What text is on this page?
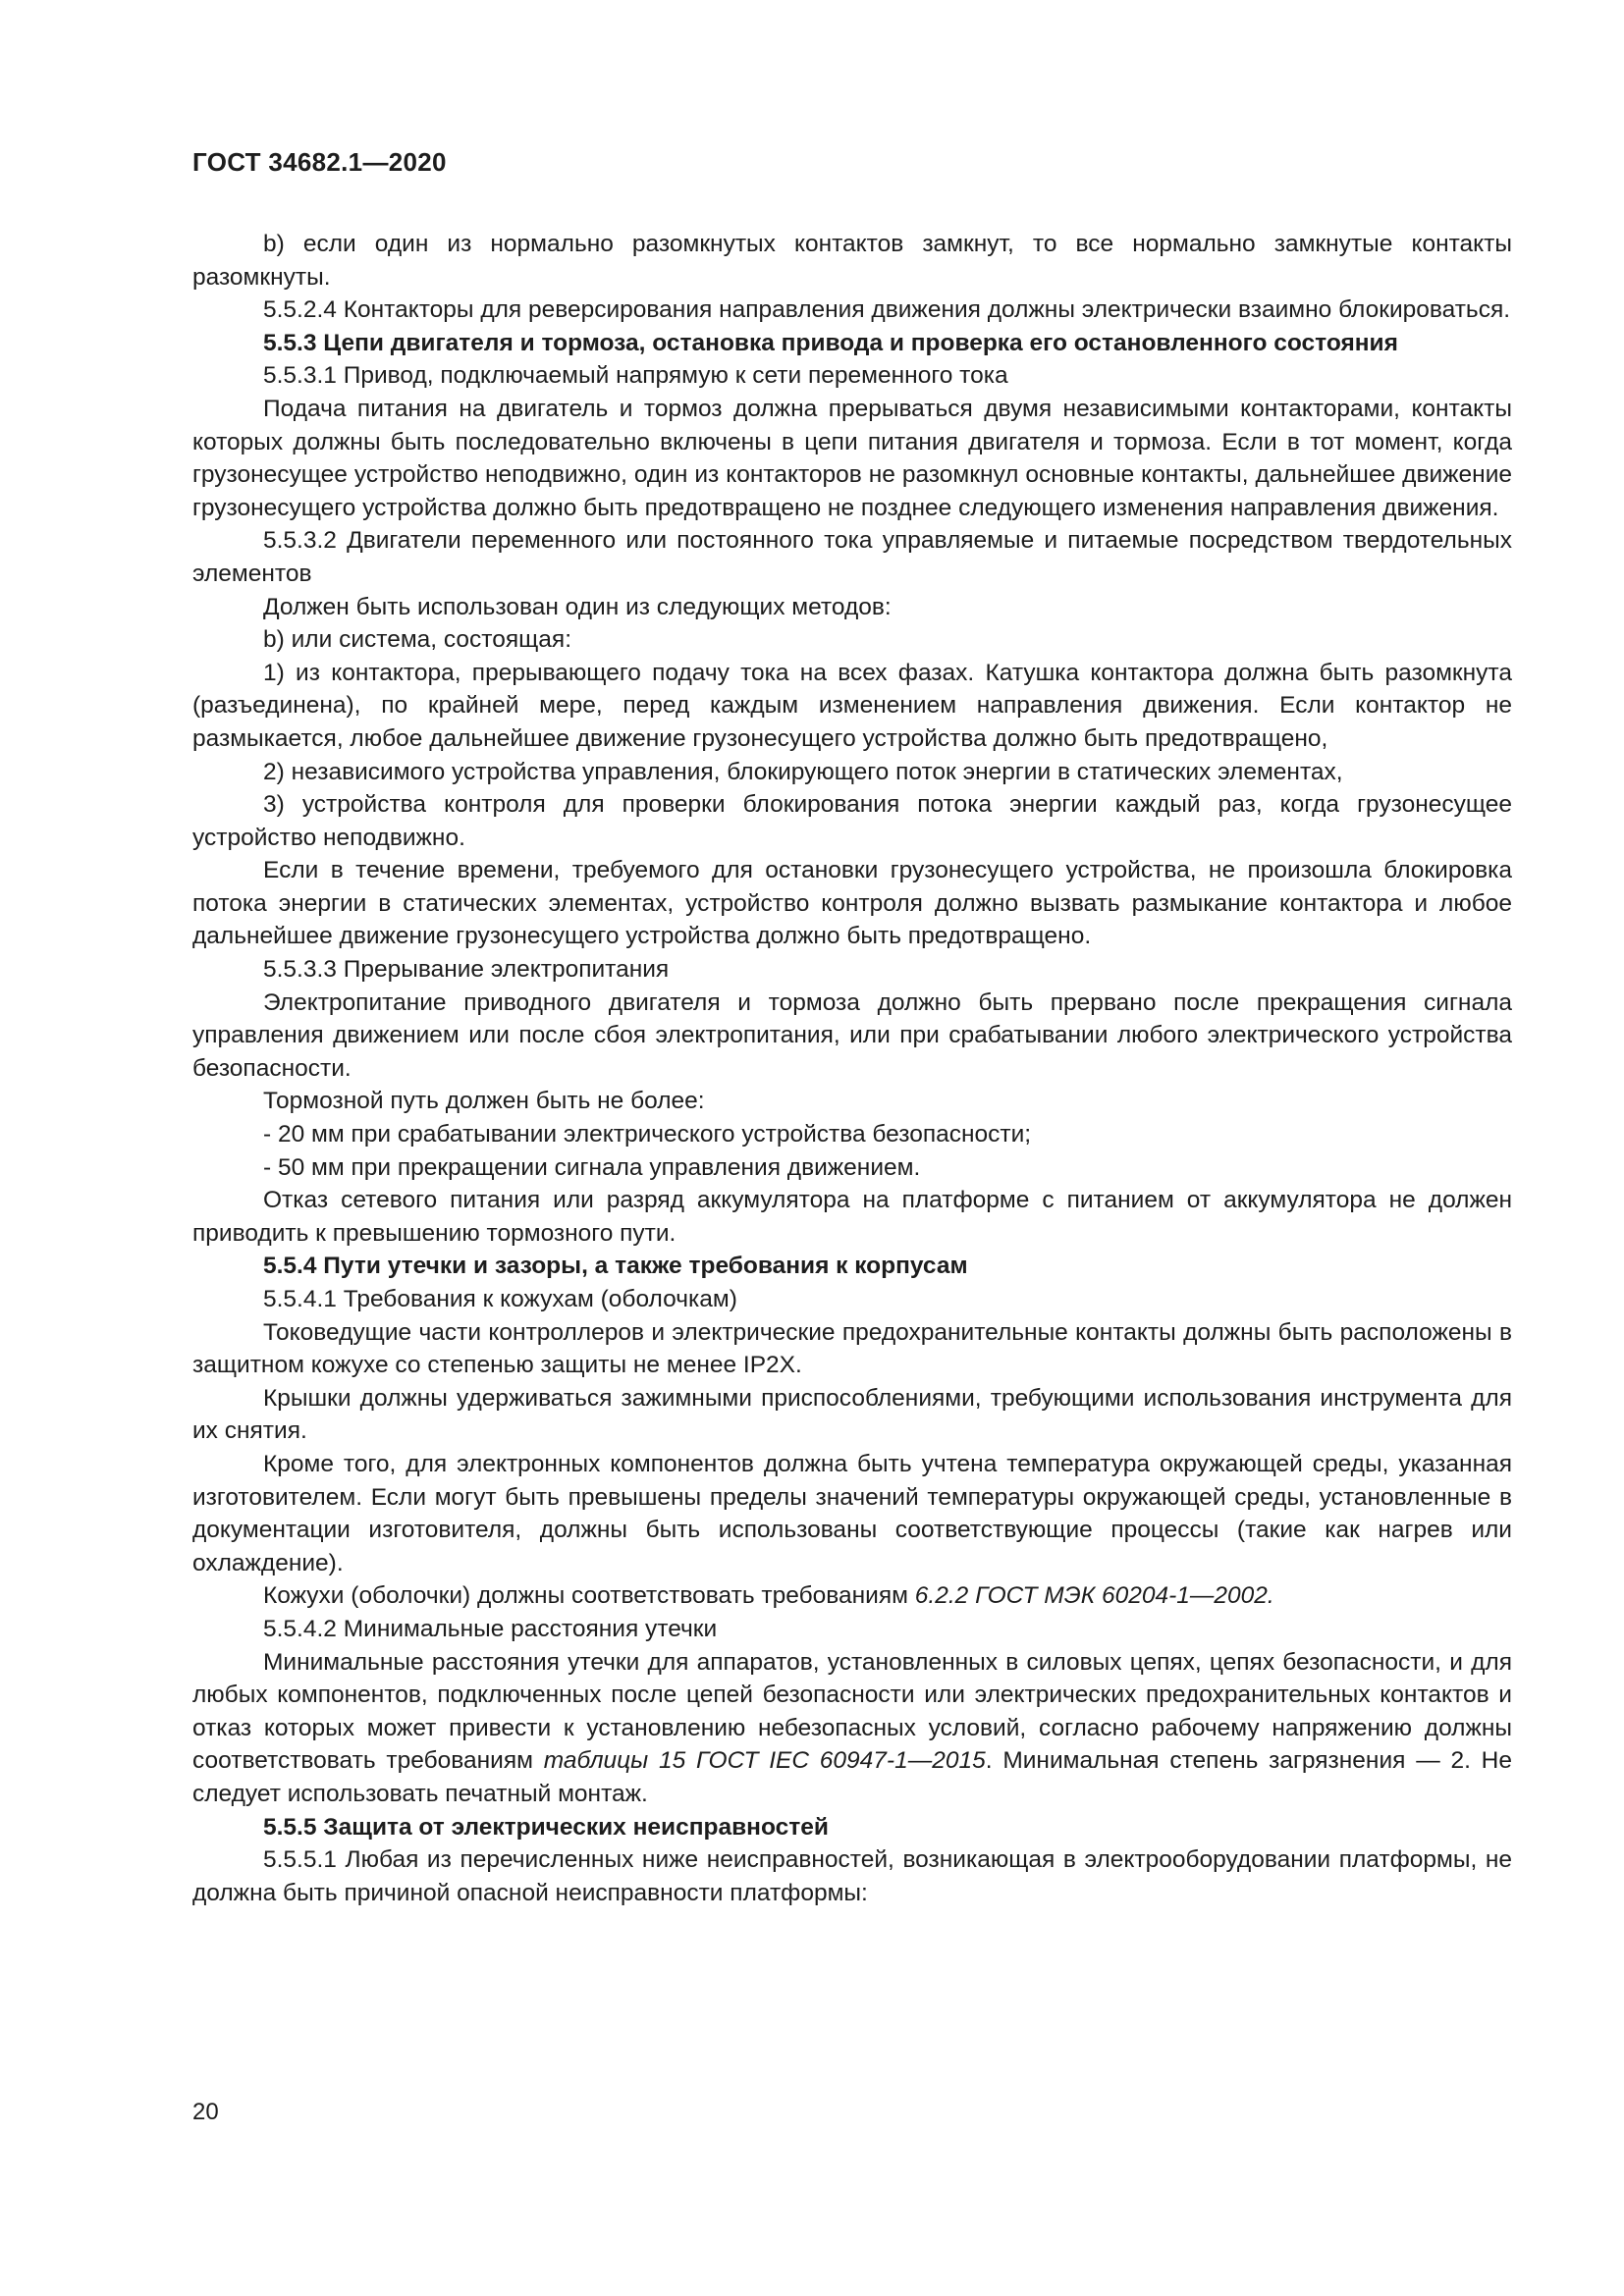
ГОСТ 34682.1—2020

b) если один из нормально разомкнутых контактов замкнут, то все нормально замкнутые контакты разомкнуты.

5.5.2.4 Контакторы для реверсирования направления движения должны электрически взаимно блокироваться.

5.5.3 Цепи двигателя и тормоза, остановка привода и проверка его остановленного состояния

5.5.3.1 Привод, подключаемый напрямую к сети переменного тока

Подача питания на двигатель и тормоз должна прерываться двумя независимыми контакторами, контакты которых должны быть последовательно включены в цепи питания двигателя и тормоза. Если в тот момент, когда грузонесущее устройство неподвижно, один из контакторов не разомкнул основные контакты, дальнейшее движение грузонесущего устройства должно быть предотвращено не позднее следующего изменения направления движения.

5.5.3.2 Двигатели переменного или постоянного тока управляемые и питаемые посредством твердотельных элементов

Должен быть использован один из следующих методов:

b) или система, состоящая:

1) из контактора, прерывающего подачу тока на всех фазах. Катушка контактора должна быть разомкнута (разъединена), по крайней мере, перед каждым изменением направления движения. Если контактор не размыкается, любое дальнейшее движение грузонесущего устройства должно быть предотвращено,

2) независимого устройства управления, блокирующего поток энергии в статических элементах,

3) устройства контроля для проверки блокирования потока энергии каждый раз, когда грузонесущее устройство неподвижно.

Если в течение времени, требуемого для остановки грузонесущего устройства, не произошла блокировка потока энергии в статических элементах, устройство контроля должно вызвать размыкание контактора и любое дальнейшее движение грузонесущего устройства должно быть предотвращено.

5.5.3.3 Прерывание электропитания

Электропитание приводного двигателя и тормоза должно быть прервано после прекращения сигнала управления движением или после сбоя электропитания, или при срабатывании любого электрического устройства безопасности.

Тормозной путь должен быть не более:

- 20 мм при срабатывании электрического устройства безопасности;

- 50 мм при прекращении сигнала управления движением.

Отказ сетевого питания или разряд аккумулятора на платформе с питанием от аккумулятора не должен приводить к превышению тормозного пути.

5.5.4 Пути утечки и зазоры, а также требования к корпусам

5.5.4.1 Требования к кожухам (оболочкам)

Токоведущие части контроллеров и электрические предохранительные контакты должны быть расположены в защитном кожухе со степенью защиты не менее IP2X.

Крышки должны удерживаться зажимными приспособлениями, требующими использования инструмента для их снятия.

Кроме того, для электронных компонентов должна быть учтена температура окружающей среды, указанная изготовителем. Если могут быть превышены пределы значений температуры окружающей среды, установленные в документации изготовителя, должны быть использованы соответствующие процессы (такие как нагрев или охлаждение).

Кожухи (оболочки) должны соответствовать требованиям 6.2.2 ГОСТ МЭК 60204-1—2002.

5.5.4.2 Минимальные расстояния утечки

Минимальные расстояния утечки для аппаратов, установленных в силовых цепях, цепях безопасности, и для любых компонентов, подключенных после цепей безопасности или электрических предохранительных контактов и отказ которых может привести к установлению небезопасных условий, согласно рабочему напряжению должны соответствовать требованиям таблицы 15 ГОСТ IEC 60947-1—2015. Минимальная степень загрязнения — 2. Не следует использовать печатный монтаж.

5.5.5 Защита от электрических неисправностей

5.5.5.1 Любая из перечисленных ниже неисправностей, возникающая в электрооборудовании платформы, не должна быть причиной опасной неисправности платформы:

20
